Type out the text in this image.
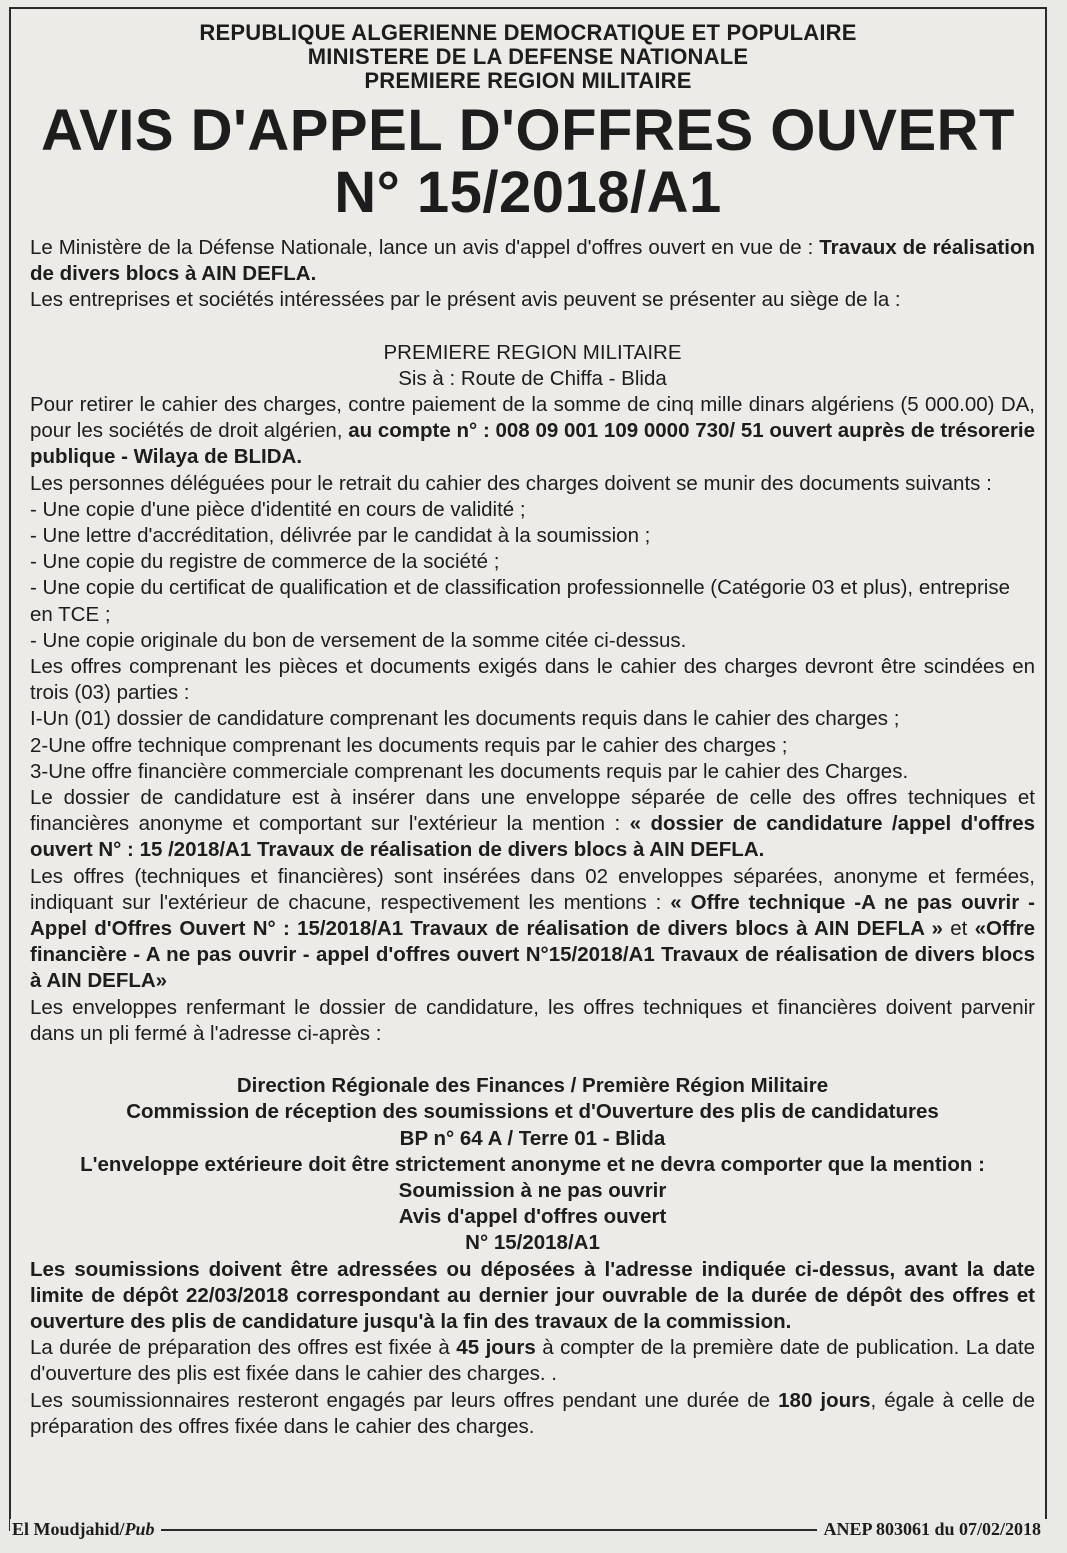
REPUBLIQUE ALGERIENNE DEMOCRATIQUE ET POPULAIRE

MINISTERE DE LA DEFENSE NATIONALE

PREMIERE REGION MILITAIRE

AVIS D'APPEL D'OFFRES OUVERT

N° 15/2018/A1

Le Ministère de la Défense Nationale, lance un avis d'appel d'offres ouvert en vue de : Travaux de réalisation de divers blocs à AIN DEFLA.

Les entreprises et sociétés intéressées par le présent avis peuvent se présenter au siège de la :

PREMIERE REGION MILITAIRE

Sis à : Route de Chiffa - Blida

Pour retirer le cahier des charges, contre paiement de la somme de cinq mille dinars algériens (5 000.00) DA, pour les sociétés de droit algérien, au compte n° : 008 09 001 109 0000 730/ 51 ouvert auprès de trésorerie publique - Wilaya de BLIDA.

Les personnes déléguées pour le retrait du cahier des charges doivent se munir des documents suivants :

- Une copie d'une pièce d'identité en cours de validité ;

- Une lettre d'accréditation, délivrée par le candidat à la soumission ;

- Une copie du registre de commerce de la société ;

- Une copie du certificat de qualification et de classification professionnelle (Catégorie 03 et plus), entreprise en TCE ;

- Une copie originale du bon de versement de la somme citée ci-dessus.

Les offres comprenant les pièces et documents exigés dans le cahier des charges devront être scindées en trois (03) parties :

I-Un (01) dossier de candidature comprenant les documents requis dans le cahier des charges ;

2-Une offre technique comprenant les documents requis par le cahier des charges ;

3-Une offre financière commerciale comprenant les documents requis par le cahier des Charges.

Le dossier de candidature est à insérer dans une enveloppe séparée de celle des offres techniques et financières anonyme et comportant sur l'extérieur la mention : « dossier de candidature /appel d'offres ouvert N° : 15 /2018/A1 Travaux de réalisation de divers blocs à AIN DEFLA.

Les offres (techniques et financières) sont insérées dans 02 enveloppes séparées, anonyme et fermées, indiquant sur l'extérieur de chacune, respectivement les mentions : « Offre technique -A ne pas ouvrir - Appel d'Offres Ouvert N° : 15/2018/A1 Travaux de réalisation de divers blocs à AIN DEFLA » et «Offre financière - A ne pas ouvrir - appel d'offres ouvert N°15/2018/A1 Travaux de réalisation de divers blocs à AIN DEFLA»

Les enveloppes renfermant le dossier de candidature, les offres techniques et financières doivent parvenir dans un pli fermé à l'adresse ci-après :

Direction Régionale des Finances / Première Région Militaire

Commission de réception des soumissions et d'Ouverture des plis de candidatures

BP n° 64 A / Terre 01 - Blida

L'enveloppe extérieure doit être strictement anonyme et ne devra comporter que la mention :

Soumission à ne pas ouvrir

Avis d'appel d'offres ouvert

N° 15/2018/A1

Les soumissions doivent être adressées ou déposées à l'adresse indiquée ci-dessus, avant la date limite de dépôt 22/03/2018 correspondant au dernier jour ouvrable de la durée de dépôt des offres et ouverture des plis de candidature jusqu'à la fin des travaux de la commission.

La durée de préparation des offres est fixée à 45 jours à compter de la première date de publication. La date d'ouverture des plis est fixée dans le cahier des charges. .

Les soumissionnaires resteront engagés par leurs offres pendant une durée de 180 jours, égale à celle de préparation des offres fixée dans le cahier des charges.

El Moudjahid/Pub	ANEP 803061 du 07/02/2018
